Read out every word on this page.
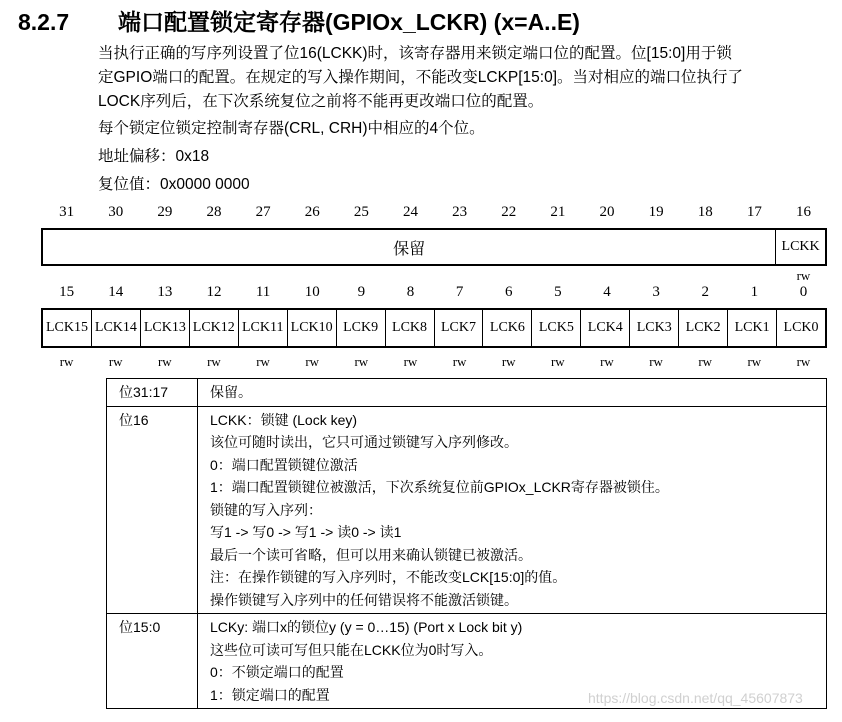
8.2.7 端口配置锁定寄存器(GPIOx_LCKR) (x=A..E)
当执行正确的写序列设置了位16(LCKK)时，该寄存器用来锁定端口位的配置。位[15:0]用于锁
定GPIO端口的配置。在规定的写入操作期间，不能改变LCKP[15:0]。当对相应的端口位执行了
LOCK序列后，在下次系统复位之前将不能再更改端口位的配置。
每个锁定位锁定控制寄存器(CRL, CRH)中相应的4个位。
地址偏移：0x18
复位值：0x0000 0000
31	30	29	28	27	26	25	24	23	22	21	20	19	18	17	16
保留	LCKK
rw
15	14	13	12	11	10	9	8	7	6	5	4	3	2	1	0
LCK15 LCK14 LCK13 LCK12 LCK11 LCK10 LCK9 LCK8 LCK7 LCK6 LCK5 LCK4 LCK3 LCK2 LCK1 LCK0
rw	rw	rw	rw	rw	rw	rw	rw	rw	rw	rw	rw	rw	rw	rw	rw
位31:17	保留。

位16	LCKK：锁键 (Lock key)
该位可随时读出，它只可通过锁键写入序列修改。
0：端口配置锁键位激活
1：端口配置锁键位被激活，下次系统复位前GPIOx_LCKR寄存器被锁住。
锁键的写入序列：
写1 -> 写0 -> 写1 -> 读0 -> 读1
最后一个读可省略，但可以用来确认锁键已被激活。
注：在操作锁键的写入序列时，不能改变LCK[15:0]的值。
操作锁键写入序列中的任何错误将不能激活锁键。

位15:0	LCKy: 端口x的锁位y (y = 0…15) (Port x Lock bit y)
这些位可读可写但只能在LCKK位为0时写入。
0：不锁定端口的配置
1：锁定端口的配置	https://blog.csdn.net/qq_45607873
